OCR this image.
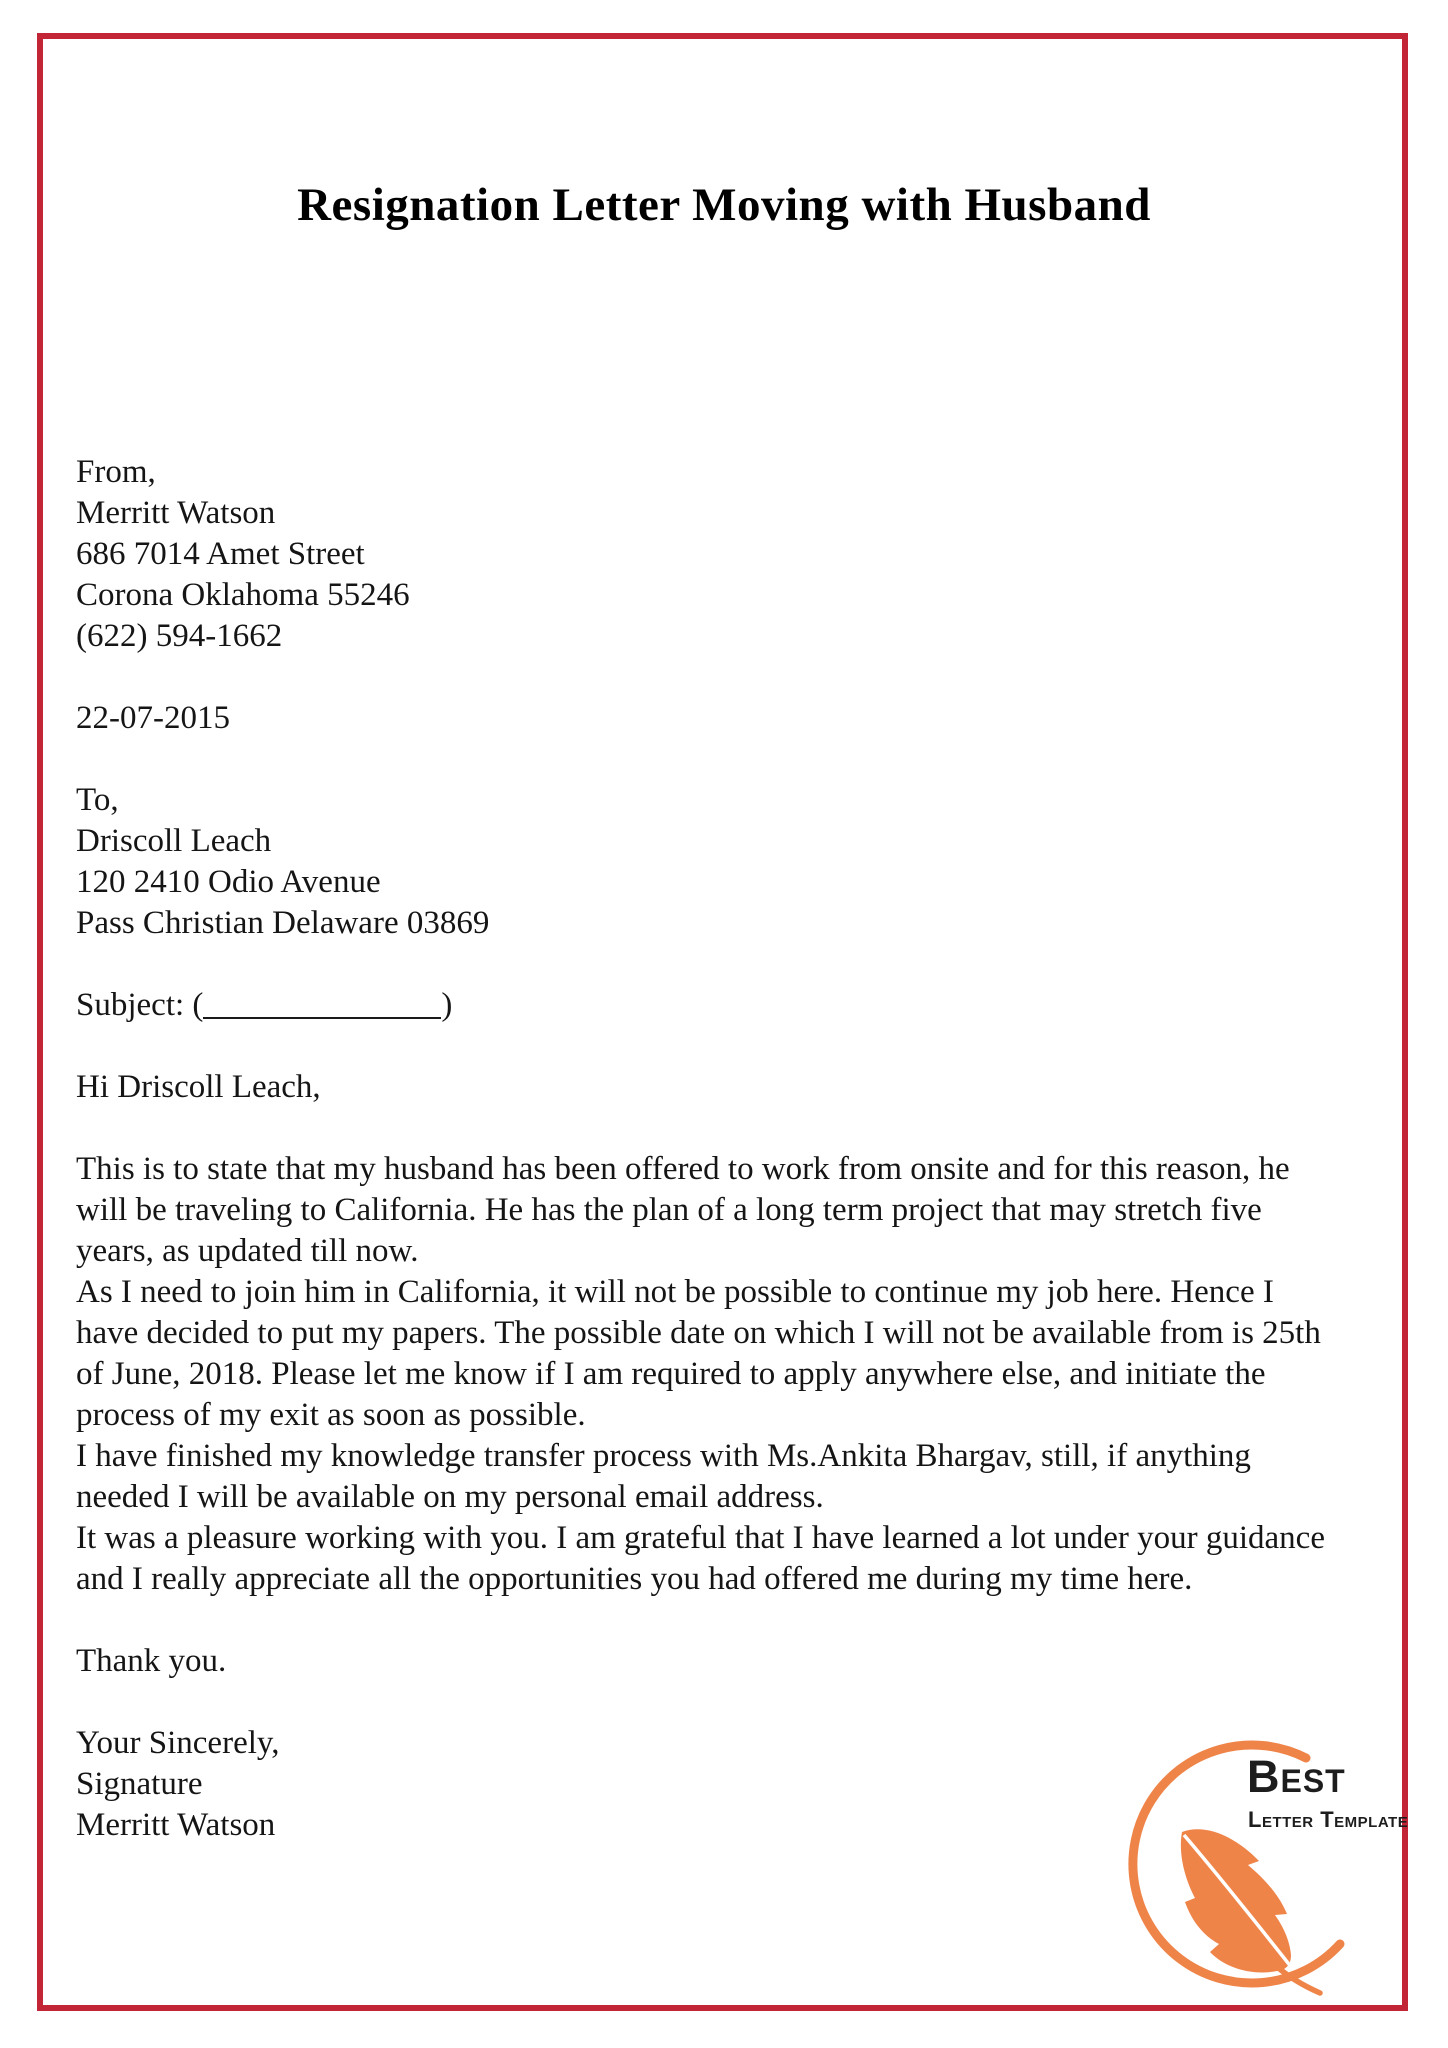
Resignation Letter Moving with Husband
From,
Merritt Watson
686 7014 Amet Street
Corona Oklahoma 55246
(622) 594-1662
22-07-2015
To,
Driscoll Leach
120 2410 Odio Avenue
Pass Christian Delaware 03869
Subject: (	)
Hi Driscoll Leach,
This is to state that my husband has been offered to work from onsite and for this reason, he
will be traveling to California. He has the plan of a long term project that may stretch five
years, as updated till now.
As I need to join him in California, it will not be possible to continue my job here. Hence I
have decided to put my papers. The possible date on which I will not be available from is 25th
of June, 2018. Please let me know if I am required to apply anywhere else, and initiate the
process of my exit as soon as possible.
I have finished my knowledge transfer process with Ms.Ankita Bhargav, still, if anything
needed I will be available on my personal email address.
It was a pleasure working with you. I am grateful that I have learned a lot under your guidance
and I really appreciate all the opportunities you had offered me during my time here.
Thank you.
Your Sincerely,
Signature
Merritt Watson
Best
Letter Template
